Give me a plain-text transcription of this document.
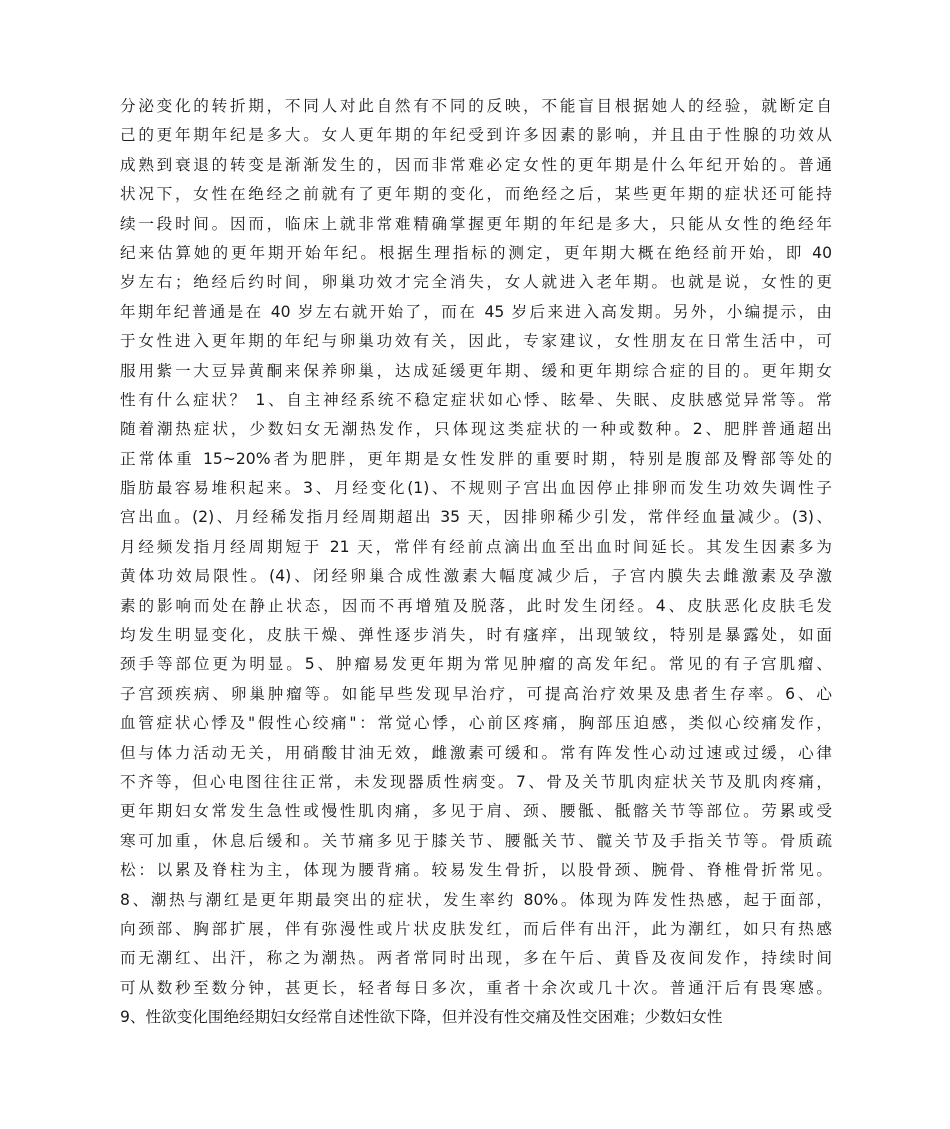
分泌变化的转折期，不同人对此自然有不同的反映，不能盲目根据她人的经验，就断定自
己的更年期年纪是多大。女人更年期的年纪受到许多因素的影响，并且由于性腺的功效从
成熟到衰退的转变是渐渐发生的，因而非常难必定女性的更年期是什么年纪开始的。普通
状况下，女性在绝经之前就有了更年期的变化，而绝经之后，某些更年期的症状还可能持
续一段时间。因而，临床上就非常难精确掌握更年期的年纪是多大，只能从女性的绝经年
纪来估算她的更年期开始年纪。根据生理指标的测定，更年期大概在绝经前开始，即 40
岁左右；绝经后约时间，卵巢功效才完全消失，女人就进入老年期。也就是说，女性的更
年期年纪普通是在 40 岁左右就开始了，而在 45 岁后来进入高发期。另外，小编提示，由
于女性进入更年期的年纪与卵巢功效有关，因此，专家建议，女性朋友在日常生活中，可
服用紫一大豆异黄酮来保养卵巢，达成延缓更年期、缓和更年期综合症的目的。更年期女
性有什么症状？ 1、自主神经系统不稳定症状如心悸、眩晕、失眠、皮肤感觉异常等。常
随着潮热症状，少数妇女无潮热发作，只体现这类症状的一种或数种。2、肥胖普通超出
正常体重 15~20%者为肥胖，更年期是女性发胖的重要时期，特别是腹部及臀部等处的
脂肪最容易堆积起来。3、月经变化(1)、不规则子宫出血因停止排卵而发生功效失调性子
宫出血。(2)、月经稀发指月经周期超出 35 天，因排卵稀少引发，常伴经血量减少。(3)、
月经频发指月经周期短于 21 天，常伴有经前点滴出血至出血时间延长。其发生因素多为
黄体功效局限性。(4)、闭经卵巢合成性激素大幅度减少后，子宫内膜失去雌激素及孕激
素的影响而处在静止状态，因而不再增殖及脱落，此时发生闭经。4、皮肤恶化皮肤毛发
均发生明显变化，皮肤干燥、弹性逐步消失，时有瘙痒，出现皱纹，特别是暴露处，如面
颈手等部位更为明显。5、肿瘤易发更年期为常见肿瘤的高发年纪。常见的有子宫肌瘤、
子宫颈疾病、卵巢肿瘤等。如能早些发现早治疗，可提高治疗效果及患者生存率。6、心
血管症状心悸及"假性心绞痛"：常觉心悸，心前区疼痛，胸部压迫感，类似心绞痛发作，
但与体力活动无关，用硝酸甘油无效，雌激素可缓和。常有阵发性心动过速或过缓，心律
不齐等，但心电图往往正常，未发现器质性病变。7、骨及关节肌肉症状关节及肌肉疼痛，
更年期妇女常发生急性或慢性肌肉痛，多见于肩、颈、腰骶、骶髂关节等部位。劳累或受
寒可加重，休息后缓和。关节痛多见于膝关节、腰骶关节、髋关节及手指关节等。骨质疏
松：以累及脊柱为主，体现为腰背痛。较易发生骨折，以股骨颈、腕骨、脊椎骨折常见。
8、潮热与潮红是更年期最突出的症状，发生率约 80%。体现为阵发性热感，起于面部，
向颈部、胸部扩展，伴有弥漫性或片状皮肤发红，而后伴有出汗，此为潮红，如只有热感
而无潮红、出汗，称之为潮热。两者常同时出现，多在午后、黄昏及夜间发作，持续时间
可从数秒至数分钟，甚更长，轻者每日多次，重者十余次或几十次。普通汗后有畏寒感。
9、性欲变化围绝经期妇女经常自述性欲下降，但并没有性交痛及性交困难；少数妇女性
